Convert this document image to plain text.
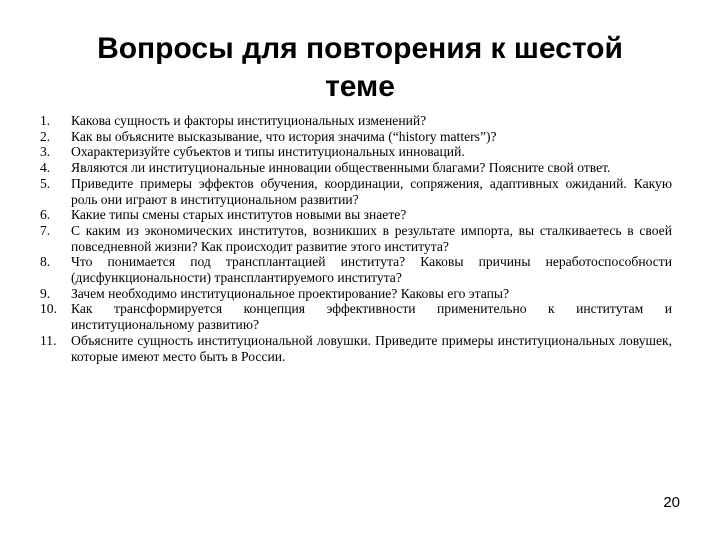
Вопросы для повторения к шестой теме
1.	Какова сущность и факторы институциональных изменений?
2.	Как вы объясните высказывание, что история значима (“history matters”)?
3.	Охарактеризуйте субъектов и типы институциональных инноваций.
4.	Являются ли институциональные инновации общественными благами? Поясните свой ответ.
5.	Приведите примеры эффектов обучения, координации, сопряжения, адаптивных ожиданий. Какую роль они играют в институциональном развитии?
6.	Какие типы смены старых институтов новыми вы знаете?
7.	С каким из экономических институтов, возникших в результате импорта, вы сталкиваетесь в своей повседневной жизни? Как происходит развитие этого института?
8.	Что понимается под трансплантацией института? Каковы причины неработоспособности (дисфункциональности) трансплантируемого института?
9.	Зачем необходимо институциональное проектирование? Каковы его этапы?
10.	Как трансформируется концепция эффективности применительно к институтам и институциональному развитию?
11.	Объясните сущность институциональной ловушки. Приведите примеры институциональных ловушек, которые имеют место быть в России.
20
